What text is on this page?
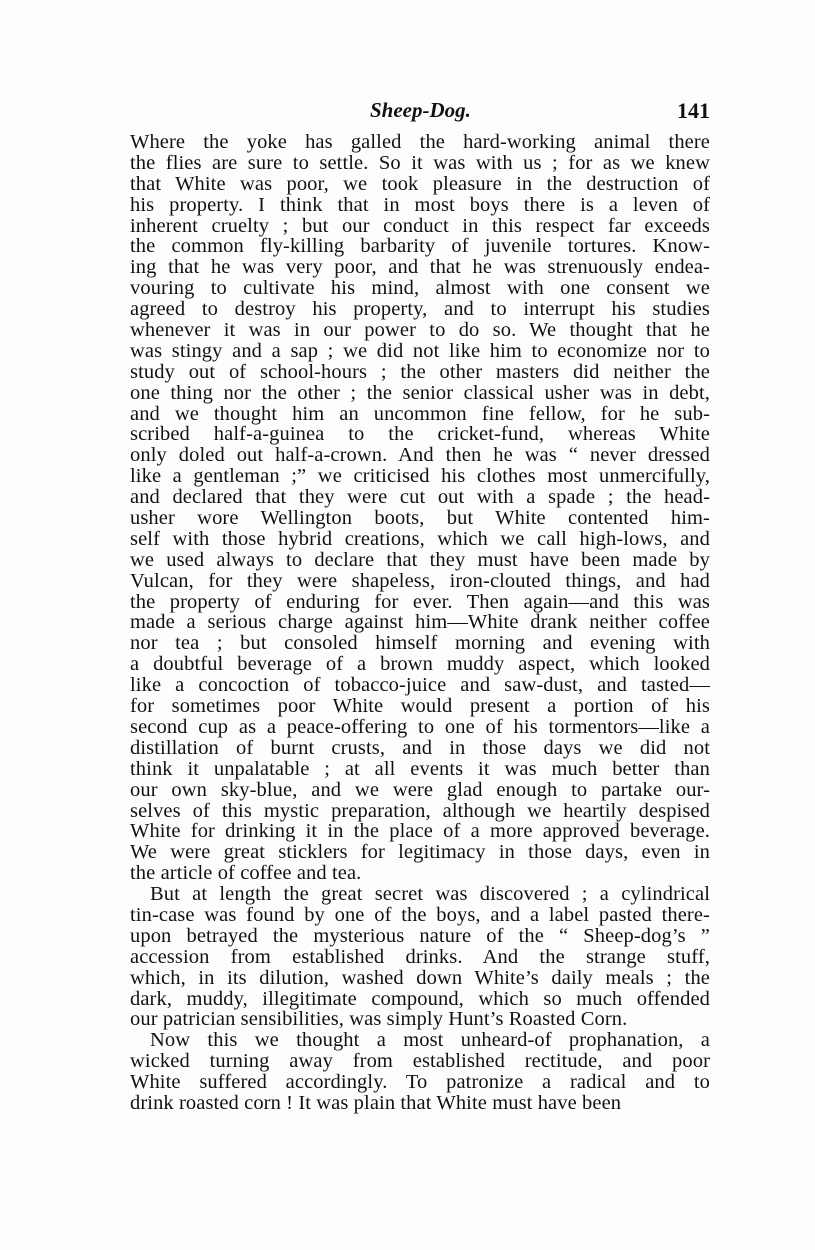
Sheep-Dog.	141
Where the yoke has galled the hard-working animal there
the flies are sure to settle. So it was with us ; for as we knew
that White was poor, we took pleasure in the destruction of
his property. I think that in most boys there is a leven of
inherent cruelty ; but our conduct in this respect far exceeds
the common fly-killing barbarity of juvenile tortures. Know-
ing that he was very poor, and that he was strenuously endea-
vouring to cultivate his mind, almost with one consent we
agreed to destroy his property, and to interrupt his studies
whenever it was in our power to do so. We thought that he
was stingy and a sap ; we did not like him to economize nor to
study out of school-hours ; the other masters did neither the
one thing nor the other ; the senior classical usher was in debt,
and we thought him an uncommon fine fellow, for he sub-
scribed half-a-guinea to the cricket-fund, whereas White
only doled out half-a-crown. And then he was “ never dressed
like a gentleman ;” we criticised his clothes most unmercifully,
and declared that they were cut out with a spade ; the head-
usher wore Wellington boots, but White contented him-
self with those hybrid creations, which we call high-lows, and
we used always to declare that they must have been made by
Vulcan, for they were shapeless, iron-clouted things, and had
the property of enduring for ever. Then again—and this was
made a serious charge against him—White drank neither coffee
nor tea ; but consoled himself morning and evening with
a doubtful beverage of a brown muddy aspect, which looked
like a concoction of tobacco-juice and saw-dust, and tasted—
for sometimes poor White would present a portion of his
second cup as a peace-offering to one of his tormentors—like a
distillation of burnt crusts, and in those days we did not
think it unpalatable ; at all events it was much better than
our own sky-blue, and we were glad enough to partake our-
selves of this mystic preparation, although we heartily despised
White for drinking it in the place of a more approved beverage.
We were great sticklers for legitimacy in those days, even in
the article of coffee and tea.
But at length the great secret was discovered ; a cylindrical
tin-case was found by one of the boys, and a label pasted there-
upon betrayed the mysterious nature of the “ Sheep-dog’s ”
accession from established drinks. And the strange stuff,
which, in its dilution, washed down White’s daily meals ; the
dark, muddy, illegitimate compound, which so much offended
our patrician sensibilities, was simply Hunt’s Roasted Corn.
Now this we thought a most unheard-of prophanation, a
wicked turning away from established rectitude, and poor
White suffered accordingly. To patronize a radical and to
drink roasted corn ! It was plain that White must have been
